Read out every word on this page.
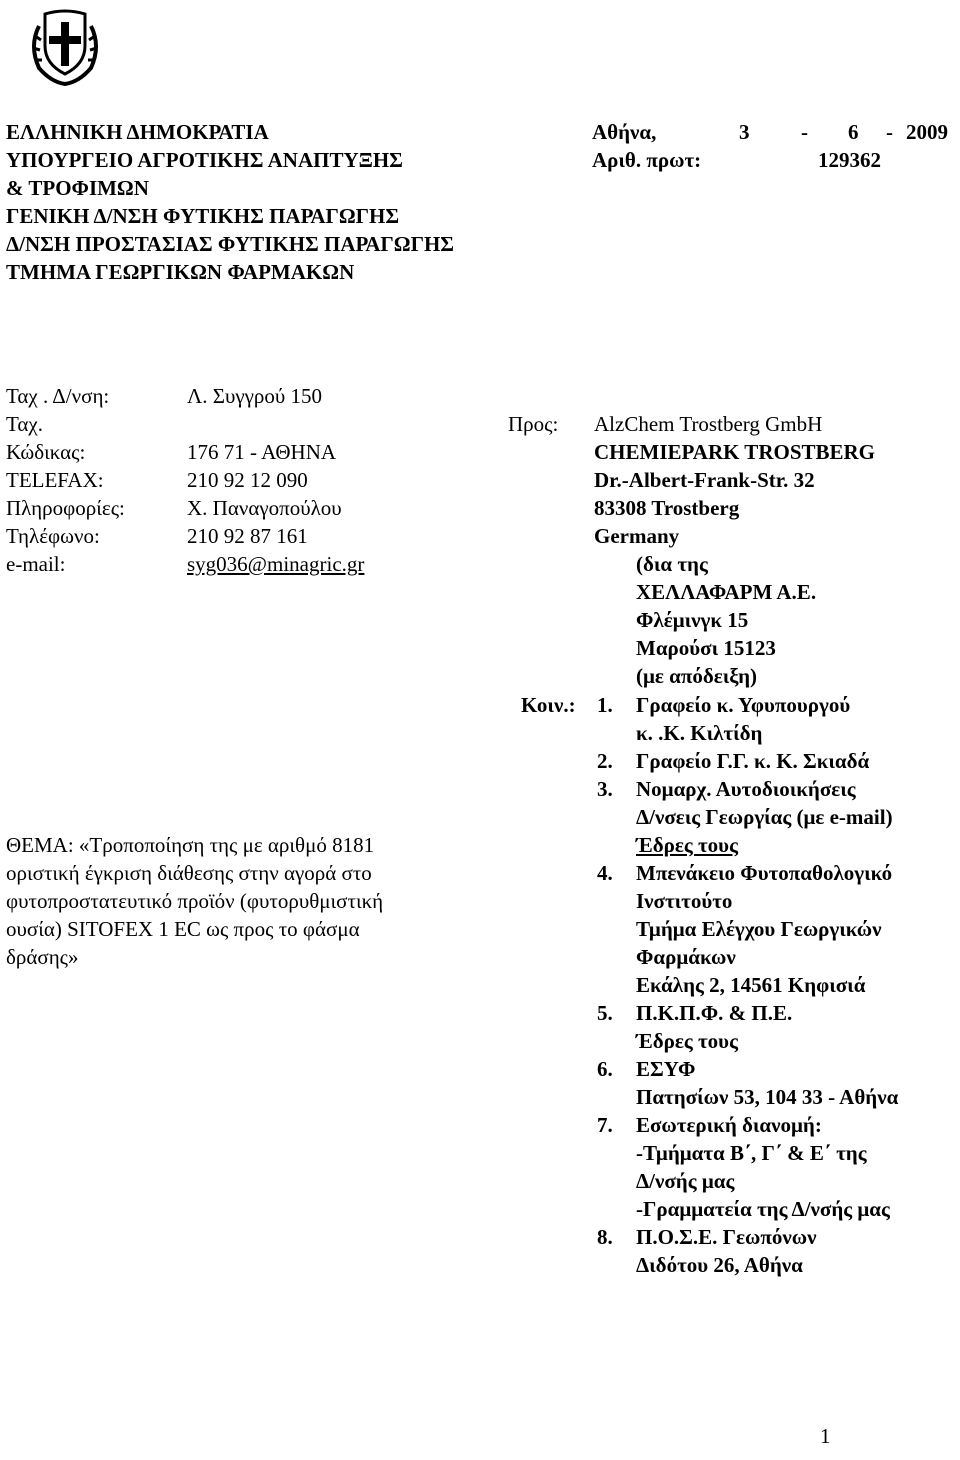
ΕΛΛΗΝΙΚΗ ΔΗΜΟΚΡΑΤΙΑ
ΥΠΟΥΡΓΕΙΟ ΑΓΡΟΤΙΚΗΣ ΑΝΑΠΤΥΞΗΣ
& ΤΡΟΦΙΜΩΝ
ΓΕΝΙΚΗ Δ/ΝΣΗ ΦΥΤΙΚΗΣ ΠΑΡΑΓΩΓΗΣ
Δ/ΝΣΗ ΠΡΟΣΤΑΣΙΑΣ ΦΥΤΙΚΗΣ ΠΑΡΑΓΩΓΗΣ
ΤΜΗΜΑ ΓΕΩΡΓΙΚΩΝ ΦΑΡΜΑΚΩΝ
Αθήνα,	3 - 6 - 2009
Αριθ. πρωτ:	129362
Ταχ . Δ/νση:	Λ. Συγγρού 150
Ταχ.
Κώδικας:	176 71 - ΑΘΗΝΑ
TELEFAX:	210 92 12 090
Πληροφορίες:	Χ. Παναγοπούλου
Τηλέφωνο:	210 92 87 161
e-mail:	syg036@minagric.gr
Προς: AlzChem Trostberg GmbH
CHEMIEPARK TROSTBERG
Dr.-Albert-Frank-Str. 32
83308 Trostberg
Germany
(δια της
ΧΕΛΛΑΦΑΡΜ Α.Ε.
Φλέμινγκ 15
Μαρούσι 15123
(με απόδειξη)
Κοιν.: 1. Γραφείο κ. Υφυπουργού
κ. .Κ. Κιλτίδη
2. Γραφείο Γ.Γ. κ. Κ. Σκιαδά
3. Νομαρχ. Αυτοδιοικήσεις
Δ/νσεις Γεωργίας (με e-mail)
Έδρες τους
4. Μπενάκειο Φυτοπαθολογικό
Ινστιτούτο
Τμήμα Ελέγχου Γεωργικών
Φαρμάκων
Εκάλης 2, 14561 Κηφισιά
5. Π.Κ.Π.Φ. & Π.Ε.
Έδρες τους
6. ΕΣΥΦ
Πατησίων 53, 104 33 - Αθήνα
7. Εσωτερική διανομή:
-Τμήματα Β΄, Γ΄ & Ε΄ της
Δ/νσής μας
-Γραμματεία της Δ/νσής μας
8. Π.Ο.Σ.Ε. Γεωπόνων
Διδότου 26, Αθήνα
ΘΕΜΑ: «Τροποποίηση της με αριθμό 8181
οριστική έγκριση διάθεσης στην αγορά στο
φυτοπροστατευτικό προϊόν (φυτορυθμιστική
ουσία) SITOFEX 1 EC ως προς το φάσμα
δράσης»
1
